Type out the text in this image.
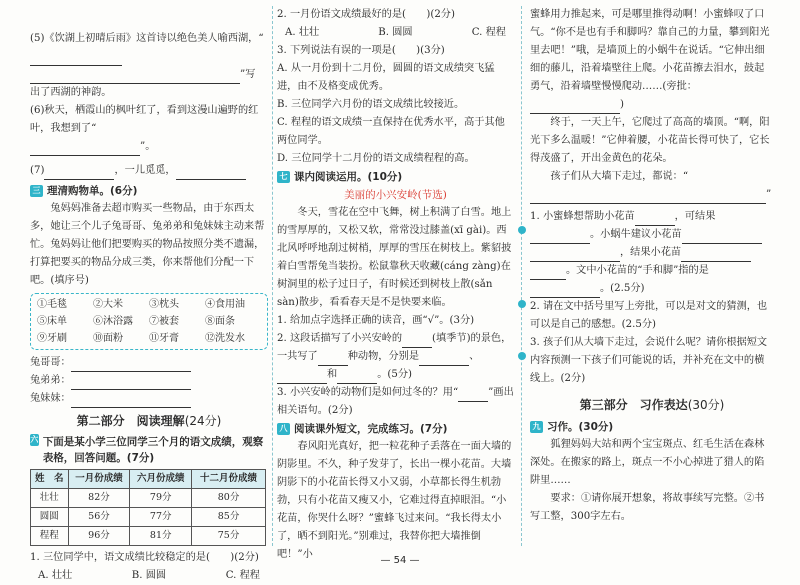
(5)《饮湖上初晴后雨》这首诗以绝色美人喻西湖，“

”写

出了西湖的神韵。

(6)秋天，栖霞山的枫叶红了，看到这漫山遍野的红叶，我想到了“

”。

(7)	，一儿觅觅，

三 理清购物单。(6分)

兔妈妈准备去超市购买一些物品，由于东西太多，她让三个儿子兔哥哥、兔弟弟和兔妹妹主动来帮忙。兔妈妈让他们把要购买的物品按照分类不遗漏，打算把要买的物品分成三类，你来帮他们分配一下吧。(填序号)

①毛毯	②大米	③枕头	④食用油
⑤床单	⑥沐浴露	⑦被套	⑧面条
⑨牙刷	⑩面粉	⑪牙膏	⑫洗发水

兔哥哥：

兔弟弟：

兔妹妹：

第二部分　阅读理解(24分)
六 下面是某小学三位同学三个月的语文成绩，观察表格，回答问题。(7分)
姓　名	一月份成绩	六月份成绩	十二月份成绩
壮壮	82分	79分	80分
圆圆	56分	77分	85分
程程	96分	81分	75分

1. 三位同学中，语文成绩比较稳定的是(　　)(2分)

A. 壮壮	B. 圆圆	C. 程程

2. 一月份语文成绩最好的是(　　)(2分)

A. 壮壮	B. 圆圆	C. 程程

3. 下列说法有误的一项是(　　)(3分)

A. 从一月份到十二月份，圆圆的语文成绩突飞猛进，由不及格变成优秀。

B. 三位同学六月份的语文成绩比较接近。

C. 程程的语文成绩一直保持在优秀水平，高于其他两位同学。

D. 三位同学十二月份的语文成绩程程的高。

七 课内阅读运用。(10分)

美丽的小兴安岭(节选)

冬天，雪花在空中飞舞，树上积满了白雪。地上的雪厚厚的，又松又软，常常没过膝盖(xī gài)。西北风呼呼地刮过树梢，厚厚的雪压在树枝上。紫貂披着白雪帮兔当装扮。松鼠靠秋天收藏(cáng zàng)在树洞里的松子过日子，有时候还到树枝上散(sǎn sàn)散步，看看春天是不是快要来临。

1. 给加点字选择正确的读音，画“√”。(3分)

2. 这段话描写了小兴安岭的	(填季节)的景色，一共写了	种动物，分别是	、和	。(5分)

3. 小兴安岭的动物们是如何过冬的？用“	”画出相关语句。(2分)

八 阅读课外短文，完成练习。(7分)

春风阳光真好，把一粒花种子丢落在一面大墙的阴影里。不久，种子发芽了，长出一棵小花苗。大墙阴影下的小花苗长得又小又弱，小草都长得生机勃勃，只有小花苗又瘦又小，它难过得直掉眼泪。“小花苗，你哭什么呀？”蜜蜂飞过来问。“我长得太小了，晒不到阳光。”别难过，我替你把大墙推倒吧！”小

蜜蜂用力推起来，可是哪里推得动啊！小蜜蜂叹了口气。“你不是也有手和脚吗？靠自己的力量，攀到阳光里去吧！”哦，是墙顶上的小蜗牛在说话。“它伸出细细的藤儿，沿着墙壁往上爬。小花苗擦去泪水，鼓起勇气，沿着墙壁慢慢爬动……(旁批：)

终于，一天上午，它爬过了高高的墙顶。“啊，阳光下多么温暖！”它伸着腰，小花苗长得可快了，它长得茂盛了，开出金黄色的花朵。

孩子们从大墙下走过，都说：“

”

1. 小蜜蜂想帮助小花苗	，可结果

。小蜗牛建议小花苗

，结果小花苗

。文中小花苗的“手和脚”指的是。(2.5分)

2. 请在文中括号里写上旁批，可以是对文的猜测，也可以是自己的感想。(2.5分)

3. 孩子们从大墙下走过，会说什么呢？请你根据短文内容预测一下孩子们可能说的话，并补充在文中的横线上。(2分)

第三部分　习作表达(30分)
九 习作。(30分)

狐狸妈妈大站和两个宝宝斑点、红毛生活在森林深处。在搬家的路上，斑点一不小心掉进了猎人的陷阱里……

要求：①请你展开想象，将故事续写完整。②书写工整，300字左右。

— 54 —
